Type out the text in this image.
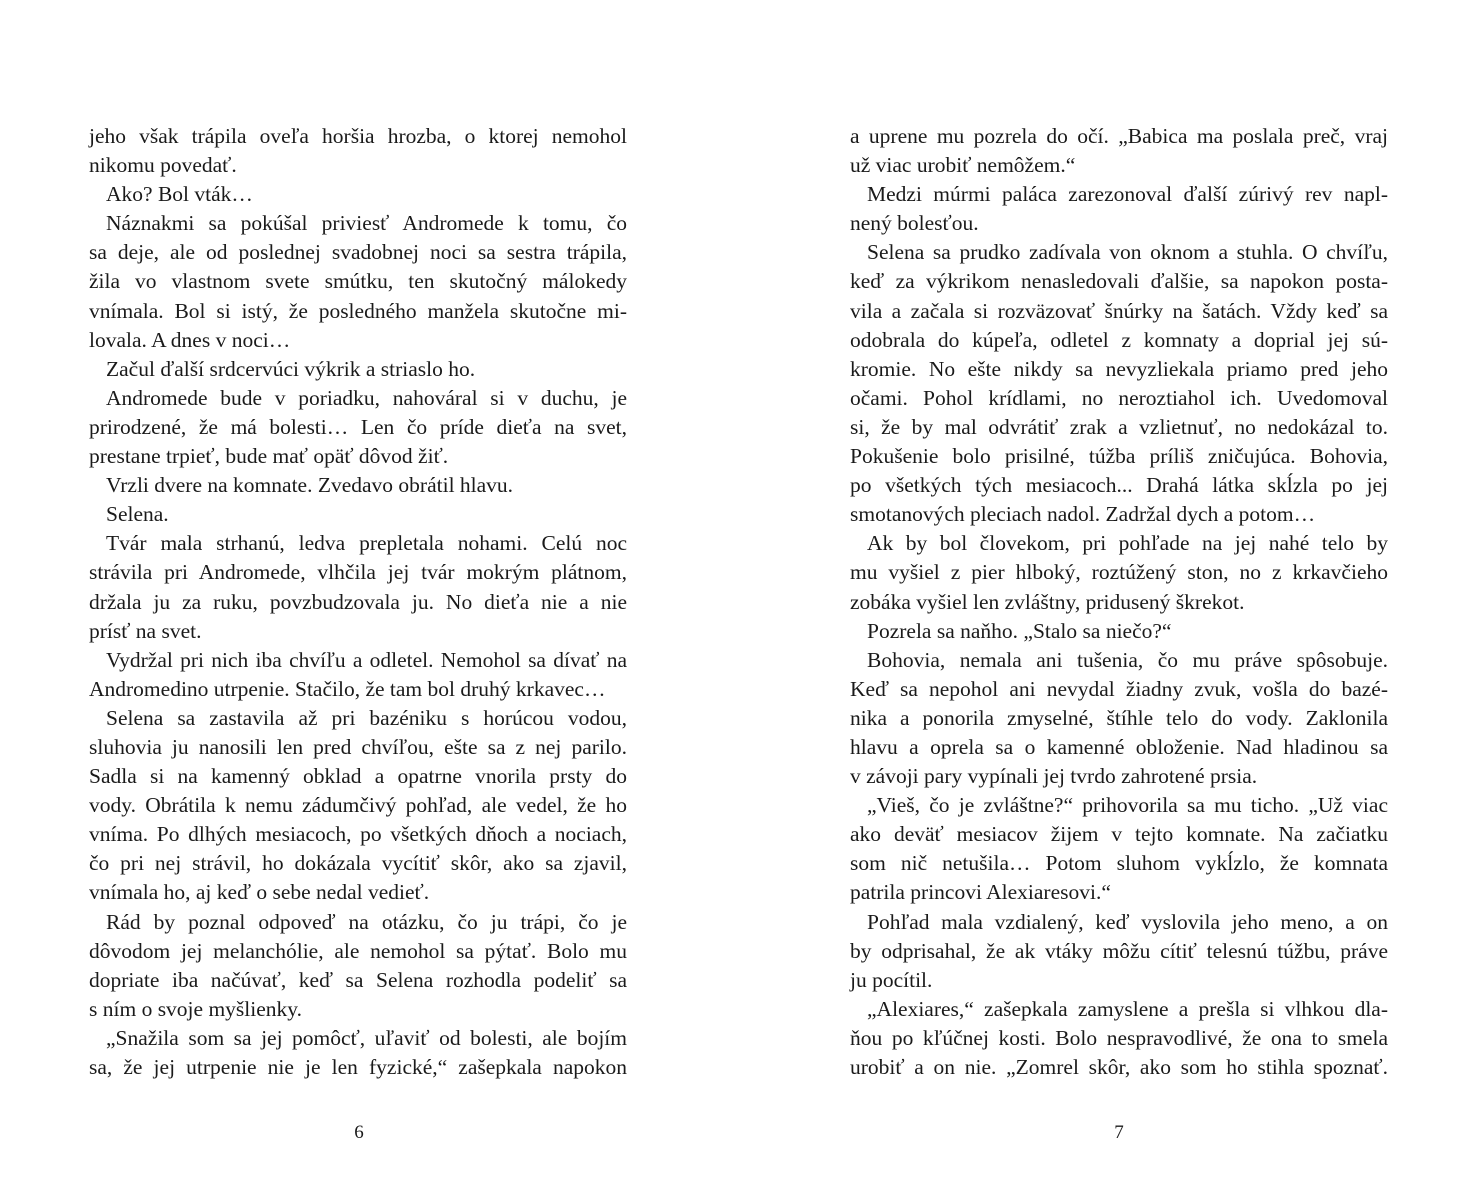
jeho však trápila oveľa horšia hrozba, o ktorej nemohol
nikomu povedať.
Ako? Bol vták…
Náznakmi sa pokúšal priviesť Andromede k tomu, čo
sa deje, ale od poslednej svadobnej noci sa sestra trápila,
žila vo vlastnom svete smútku, ten skutočný málokedy
vnímala. Bol si istý, že posledného manžela skutočne mi-
lovala. A dnes v noci…
Začul ďalší srdcervúci výkrik a striaslo ho.
Andromede bude v poriadku, nahováral si v duchu, je
prirodzené, že má bolesti… Len čo príde dieťa na svet,
prestane trpieť, bude mať opäť dôvod žiť.
Vrzli dvere na komnate. Zvedavo obrátil hlavu.
Selena.
Tvár mala strhanú, ledva prepletala nohami. Celú noc
strávila pri Andromede, vlhčila jej tvár mokrým plátnom,
držala ju za ruku, povzbudzovala ju. No dieťa nie a nie
prísť na svet.
Vydržal pri nich iba chvíľu a odletel. Nemohol sa dívať na
Andromedino utrpenie. Stačilo, že tam bol druhý krkavec…
Selena sa zastavila až pri bazéniku s horúcou vodou,
sluhovia ju nanosili len pred chvíľou, ešte sa z nej parilo.
Sadla si na kamenný obklad a opatrne vnorila prsty do
vody. Obrátila k nemu zádumčivý pohľad, ale vedel, že ho
vníma. Po dlhých mesiacoch, po všetkých dňoch a nociach,
čo pri nej strávil, ho dokázala vycítiť skôr, ako sa zjavil,
vnímala ho, aj keď o sebe nedal vedieť.
Rád by poznal odpoveď na otázku, čo ju trápi, čo je
dôvodom jej melanchólie, ale nemohol sa pýtať. Bolo mu
dopriate iba načúvať, keď sa Selena rozhodla podeliť sa
s ním o svoje myšlienky.
„Snažila som sa jej pomôcť, uľaviť od bolesti, ale bojím
sa, že jej utrpenie nie je len fyzické,“ zašepkala napokon
a uprene mu pozrela do očí. „Babica ma poslala preč, vraj
už viac urobiť nemôžem.“
Medzi múrmi paláca zarezonoval ďalší zúrivý rev napl-
nený bolesťou.
Selena sa prudko zadívala von oknom a stuhla. O chvíľu,
keď za výkrikom nenasledovali ďalšie, sa napokon posta-
vila a začala si rozväzovať šnúrky na šatách. Vždy keď sa
odobrala do kúpeľa, odletel z komnaty a doprial jej sú-
kromie. No ešte nikdy sa nevyzliekala priamo pred jeho
očami. Pohol krídlami, no neroztiahol ich. Uvedomoval
si, že by mal odvrátiť zrak a vzlietnuť, no nedokázal to.
Pokušenie bolo prisilné, túžba príliš zničujúca. Bohovia,
po všetkých tých mesiacoch... Drahá látka skĺzla po jej
smotanových pleciach nadol. Zadržal dych a potom…
Ak by bol človekom, pri pohľade na jej nahé telo by
mu vyšiel z pier hlboký, roztúžený ston, no z krkavčieho
zobáka vyšiel len zvláštny, pridusený škrekot.
Pozrela sa naňho. „Stalo sa niečo?“
Bohovia, nemala ani tušenia, čo mu práve spôsobuje.
Keď sa nepohol ani nevydal žiadny zvuk, vošla do bazé-
nika a ponorila zmyselné, štíhle telo do vody. Zaklonila
hlavu a oprela sa o kamenné obloženie. Nad hladinou sa
v závoji pary vypínali jej tvrdo zahrotené prsia.
„Vieš, čo je zvláštne?“ prihovorila sa mu ticho. „Už viac
ako deväť mesiacov žijem v tejto komnate. Na začiatku
som nič netušila… Potom sluhom vykĺzlo, že komnata
patrila princovi Alexiaresovi.“
Pohľad mala vzdialený, keď vyslovila jeho meno, a on
by odprisahal, že ak vtáky môžu cítiť telesnú túžbu, práve
ju pocítil.
„Alexiares,“ zašepkala zamyslene a prešla si vlhkou dla-
ňou po kľúčnej kosti. Bolo nespravodlivé, že ona to smela
urobiť a on nie. „Zomrel skôr, ako som ho stihla spoznať.
6	7
